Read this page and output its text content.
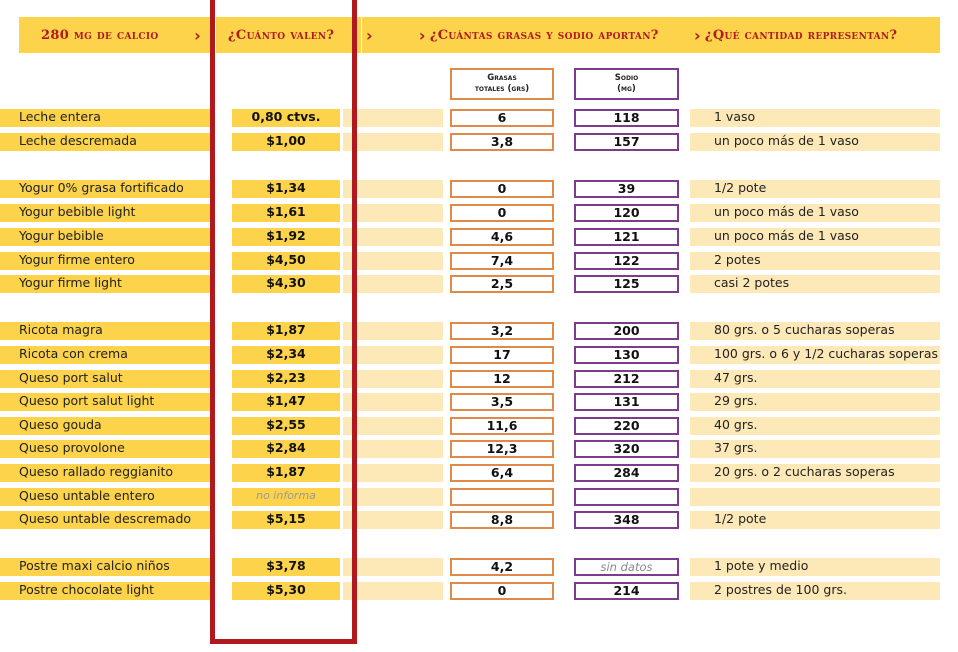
280 mg de calcio › ¿Cuánto valen? ›	› ¿Cuántas grasas y sodio aportan? › ¿Qué cantidad representan?
Grasas
totales (grs)
Sodio
(mg)
Leche entera	0,80 ctvs.	6	118	1 vaso
Leche descremada	$1,00	3,8	157	un poco más de 1 vaso
Yogur 0% grasa fortificado	$1,34	0	39	1/2 pote
Yogur bebible light	$1,61	0	120	un poco más de 1 vaso
Yogur bebible	$1,92	4,6	121	un poco más de 1 vaso
Yogur firme entero	$4,50	7,4	122	2 potes
Yogur firme light	$4,30	2,5	125	casi 2 potes
Ricota magra	$1,87	3,2	200	80 grs. o 5 cucharas soperas
Ricota con crema	$2,34	17	130	100 grs. o 6 y 1/2 cucharas soperas
Queso port salut	$2,23	12	212	47 grs.
Queso port salut light	$1,47	3,5	131	29 grs.
Queso gouda	$2,55	11,6	220	40 grs.
Queso provolone	$2,84	12,3	320	37 grs.
Queso rallado reggianito	$1,87	6,4	284	20 grs. o 2 cucharas soperas
Queso untable entero	no informa
Queso untable descremado	$5,15	8,8	348	1/2 pote
Postre maxi calcio niños	$3,78	4,2	sin datos	1 pote y medio
Postre chocolate light	$5,30	0	214	2 postres de 100 grs.
